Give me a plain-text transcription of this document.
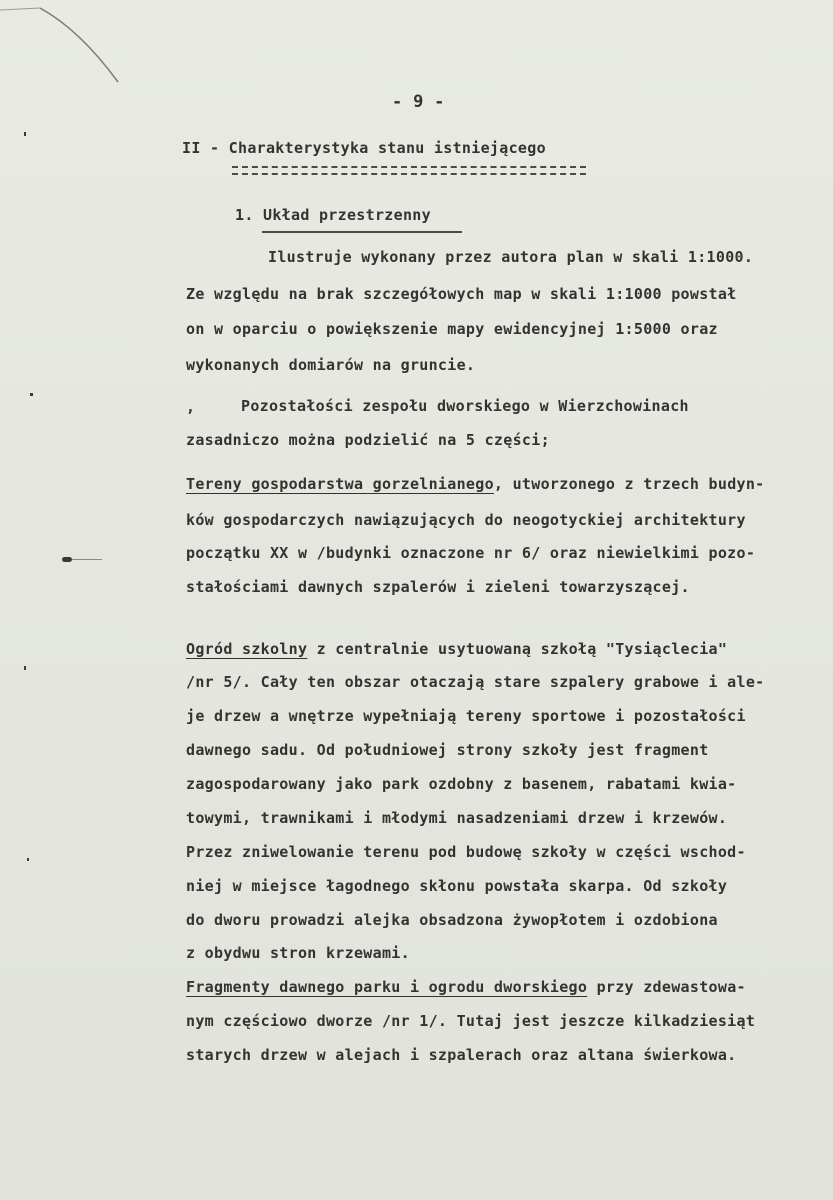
- 9 -
II - Charakterystyka stanu istniejącego
1. Układ przestrzenny
Ilustruje wykonany przez autora plan w skali 1:1000.
Ze względu na brak szczegółowych map w skali 1:1000 powstał
on w oparciu o powiększenie mapy ewidencyjnej 1:5000 oraz
wykonanych domiarów na gruncie.
,	Pozostałości zespołu dworskiego w Wierzchowinach
zasadniczo można podzielić na 5 części;
Tereny gospodarstwa gorzelnianego, utworzonego z trzech budyn-
ków gospodarczych nawiązujących do neogotyckiej architektury
początku XX w /budynki oznaczone nr 6/ oraz niewielkimi pozo-
stałościami dawnych szpalerów i zieleni towarzyszącej.
Ogród szkolny z centralnie usytuowaną szkołą "Tysiąclecia"
/nr 5/. Cały ten obszar otaczają stare szpalery grabowe i ale-
je drzew a wnętrze wypełniają tereny sportowe i pozostałości
dawnego sadu. Od południowej strony szkoły jest fragment
zagospodarowany jako park ozdobny z basenem, rabatami kwia-
towymi, trawnikami i młodymi nasadzeniami drzew i krzewów.
Przez zniwelowanie terenu pod budowę szkoły w części wschod-
niej w miejsce łagodnego skłonu powstała skarpa. Od szkoły
do dworu prowadzi alejka obsadzona żywopłotem i ozdobiona
z obydwu stron krzewami.
Fragmenty dawnego parku i ogrodu dworskiego przy zdewastowa-
nym częściowo dworze /nr 1/. Tutaj jest jeszcze kilkadziesiąt
starych drzew w alejach i szpalerach oraz altana świerkowa.
